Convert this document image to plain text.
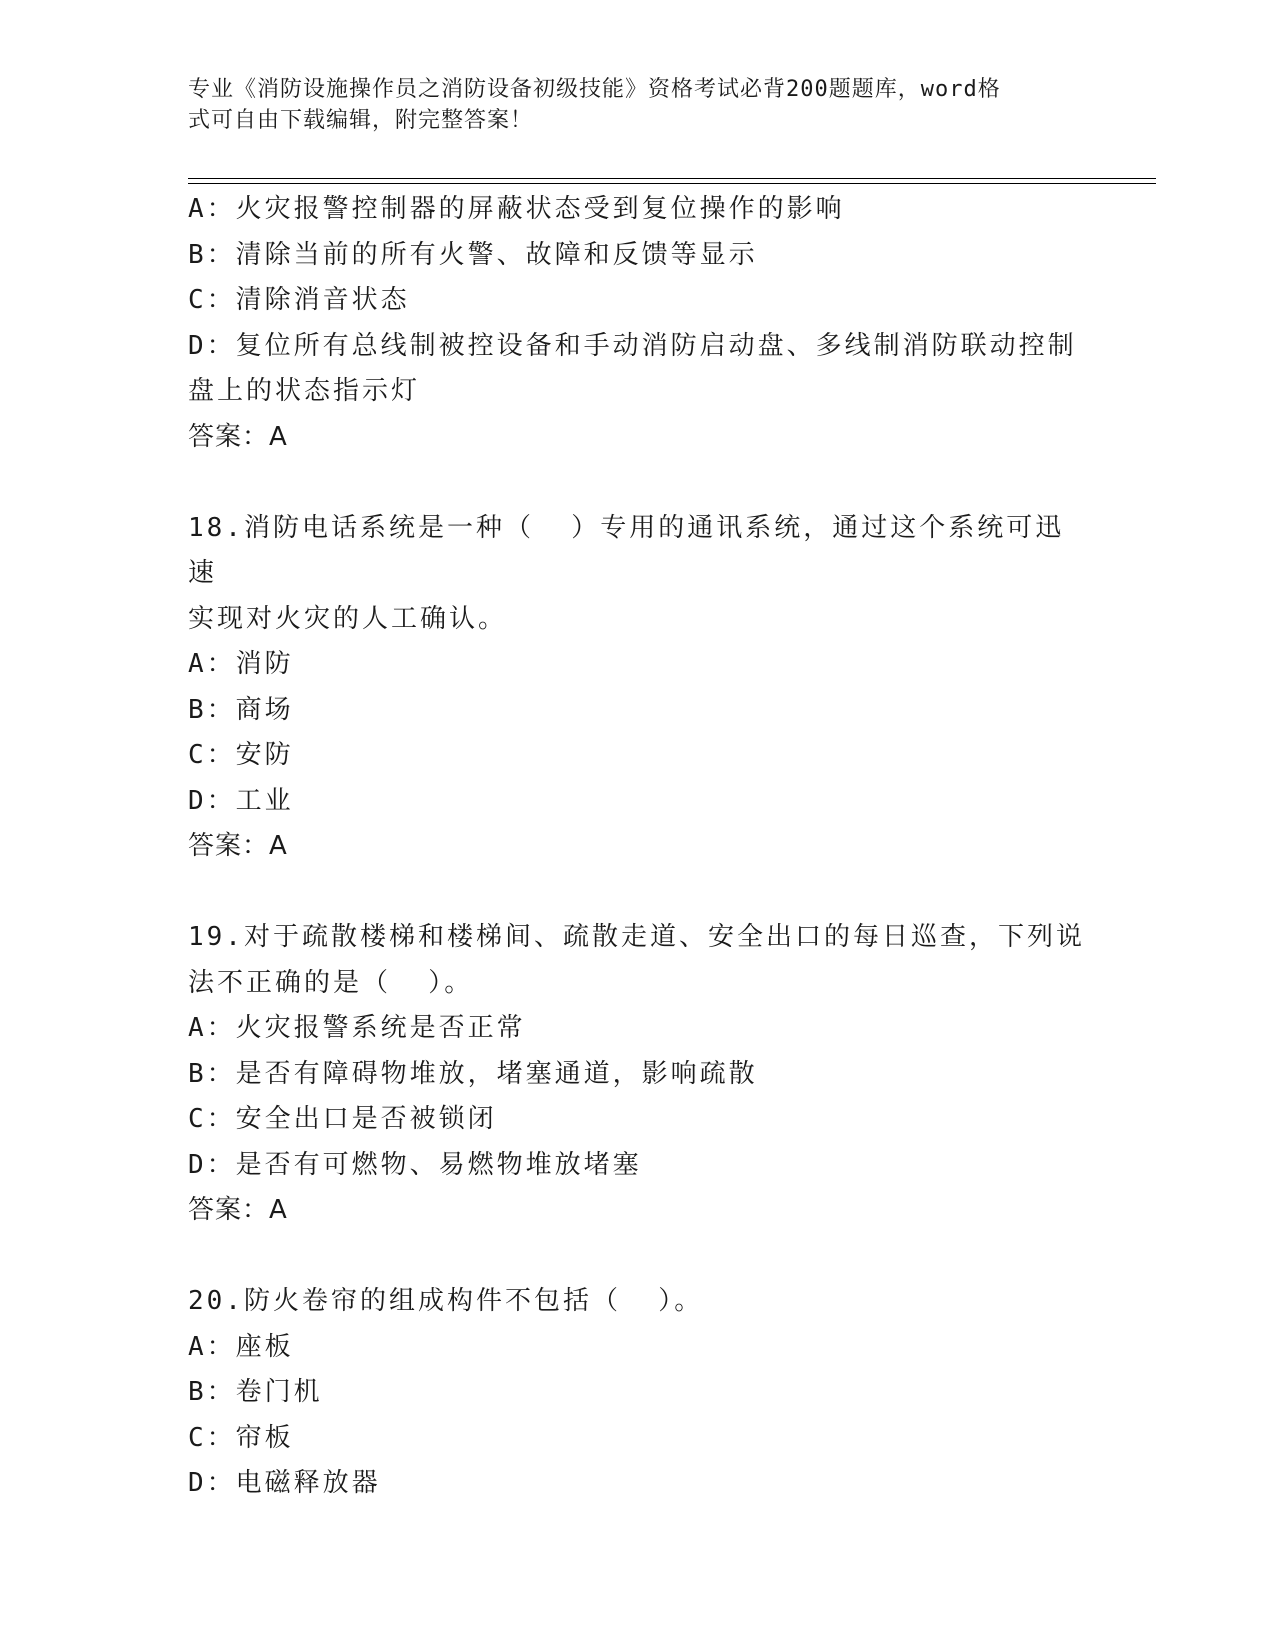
专业《消防设施操作员之消防设备初级技能》资格考试必背200题题库，word格
式可自由下载编辑，附完整答案！
A：火灾报警控制器的屏蔽状态受到复位操作的影响
B：清除当前的所有火警、故障和反馈等显示
C：清除消音状态
D：复位所有总线制被控设备和手动消防启动盘、多线制消防联动控制
盘上的状态指示灯
答案：A
18.消防电话系统是一种（  ）专用的通讯系统，通过这个系统可迅速
实现对火灾的人工确认。
A：消防
B：商场
C：安防
D：工业
答案：A
19.对于疏散楼梯和楼梯间、疏散走道、安全出口的每日巡查，下列说
法不正确的是（  ）。
A：火灾报警系统是否正常
B：是否有障碍物堆放，堵塞通道，影响疏散
C：安全出口是否被锁闭
D：是否有可燃物、易燃物堆放堵塞
答案：A
20.防火卷帘的组成构件不包括（  ）。
A：座板
B：卷门机
C：帘板
D：电磁释放器
